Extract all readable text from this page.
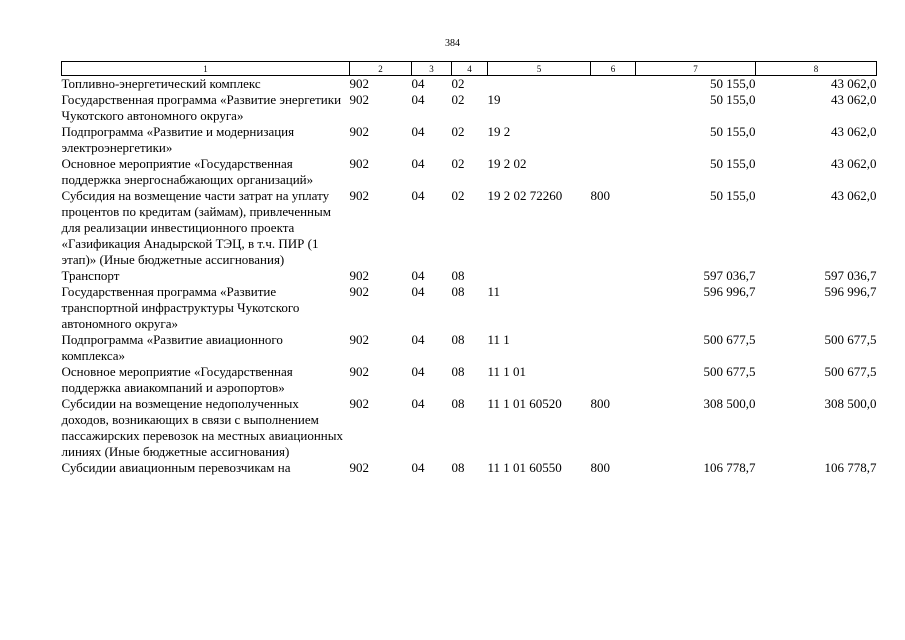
384
1	2	3	4	5	6	7	8
Топливно-энергетический комплекс	902	04	02			50 155,0	43 062,0
Государственная программа «Развитие энергетики Чукотского автономного округа»	902	04	02	19		50 155,0	43 062,0
Подпрограмма «Развитие и модернизация электроэнергетики»	902	04	02	19 2		50 155,0	43 062,0
Основное мероприятие «Государственная поддержка энергоснабжающих организаций»	902	04	02	19 2 02		50 155,0	43 062,0
Субсидия на возмещение части затрат на уплату процентов по кредитам (займам), привлеченным для реализации инвестиционного проекта «Газификация Анадырской ТЭЦ, в т.ч. ПИР (1 этап)» (Иные бюджетные ассигнования)	902	04	02	19 2 02 72260	800	50 155,0	43 062,0
Транспорт	902	04	08			597 036,7	597 036,7
Государственная программа «Развитие транспортной инфраструктуры Чукотского автономного округа»	902	04	08	11		596 996,7	596 996,7
Подпрограмма «Развитие авиационного комплекса»	902	04	08	11 1		500 677,5	500 677,5
Основное мероприятие «Государственная поддержка авиакомпаний и аэропортов»	902	04	08	11 1 01		500 677,5	500 677,5
Субсидии на возмещение недополученных доходов, возникающих в связи с выполнением пассажирских перевозок на местных авиационных линиях (Иные бюджетные ассигнования)	902	04	08	11 1 01 60520	800	308 500,0	308 500,0
Субсидии авиационным перевозчикам на	902	04	08	11 1 01 60550	800	106 778,7	106 778,7
